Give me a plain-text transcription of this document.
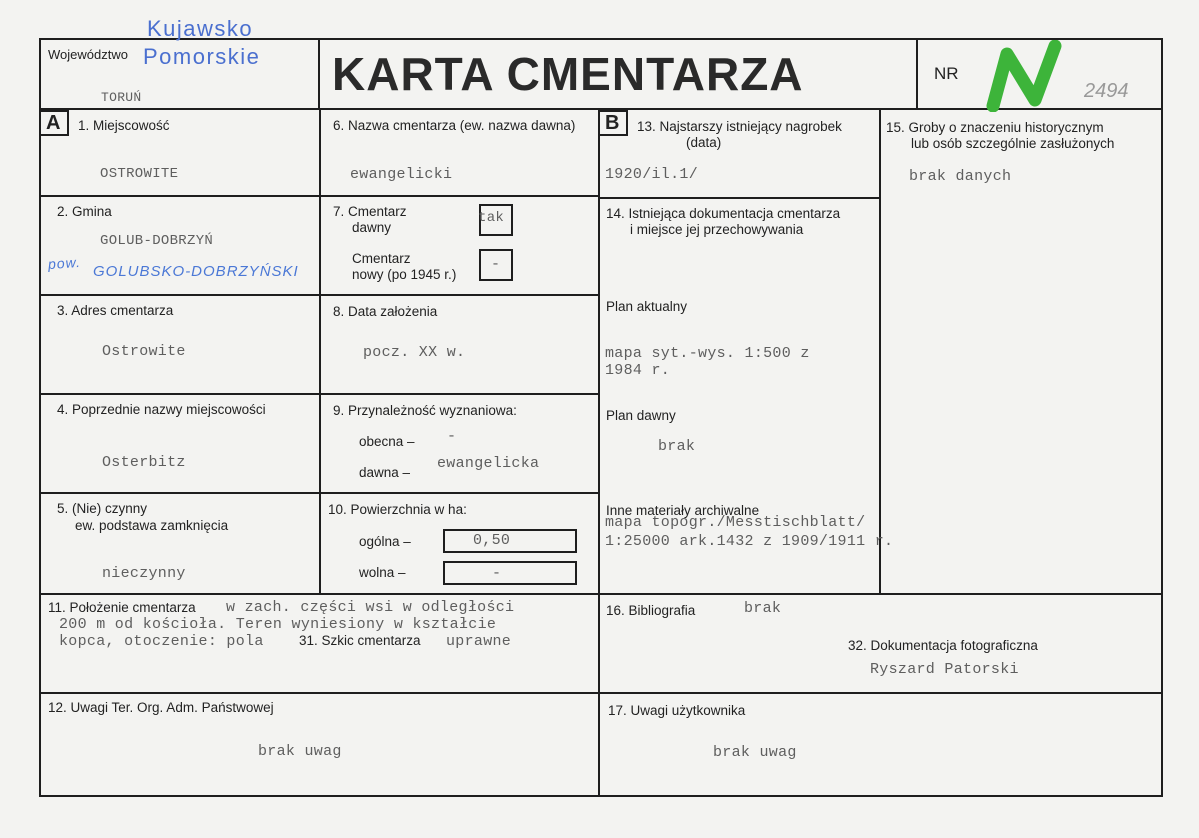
Województwo
Kujawsko
Pomorskie
TORUŃ	KARTA CMENTARZA	NR
2494
A	B
1. Miejscowość
OSTROWITE
2. Gmina
GOLUB-DOBRZYŃ
pow. GOLUBSKO-DOBRZYŃSKI
3. Adres cmentarza
Ostrowite
4. Poprzednie nazwy miejscowości
Osterbitz
5. (Nie) czynny
ew. podstawa zamknięcia
nieczynny
6. Nazwa cmentarza (ew. nazwa dawna)
ewangelicki
7. Cmentarz
dawny
tak
Cmentarz
nowy (po 1945 r.)
-
8. Data założenia
pocz. XX w.
9. Przynależność wyznaniowa:
obecna – -
dawna –
ewangelicka
10. Powierzchnia w ha:
ogólna –	0,50
wolna –	-
11. Położenie cmentarza w zach. części wsi w odległości
200 m od kościoła. Teren wyniesiony w kształcie
kopca, otoczenie: pola	31. Szkic cmentarza uprawne
12. Uwagi Ter. Org. Adm. Państwowej
brak uwag
13. Najstarszy istniejący nagrobek
(data)
1920/il.1/
14. Istniejąca dokumentacja cmentarza
i miejsce jej przechowywania
Plan aktualny
mapa syt.-wys. 1:500 z
1984 r.
Plan dawny
brak
Inne materiały archiwalne
mapa topogr./Messtischblatt/
1:25000 ark.1432 z 1909/1911 r.
15. Groby o znaczeniu historycznym
lub osób szczególnie zasłużonych
brak danych
16. Bibliografia	brak
32. Dokumentacja fotograficzna
Ryszard Patorski
17. Uwagi użytkownika
brak uwag
